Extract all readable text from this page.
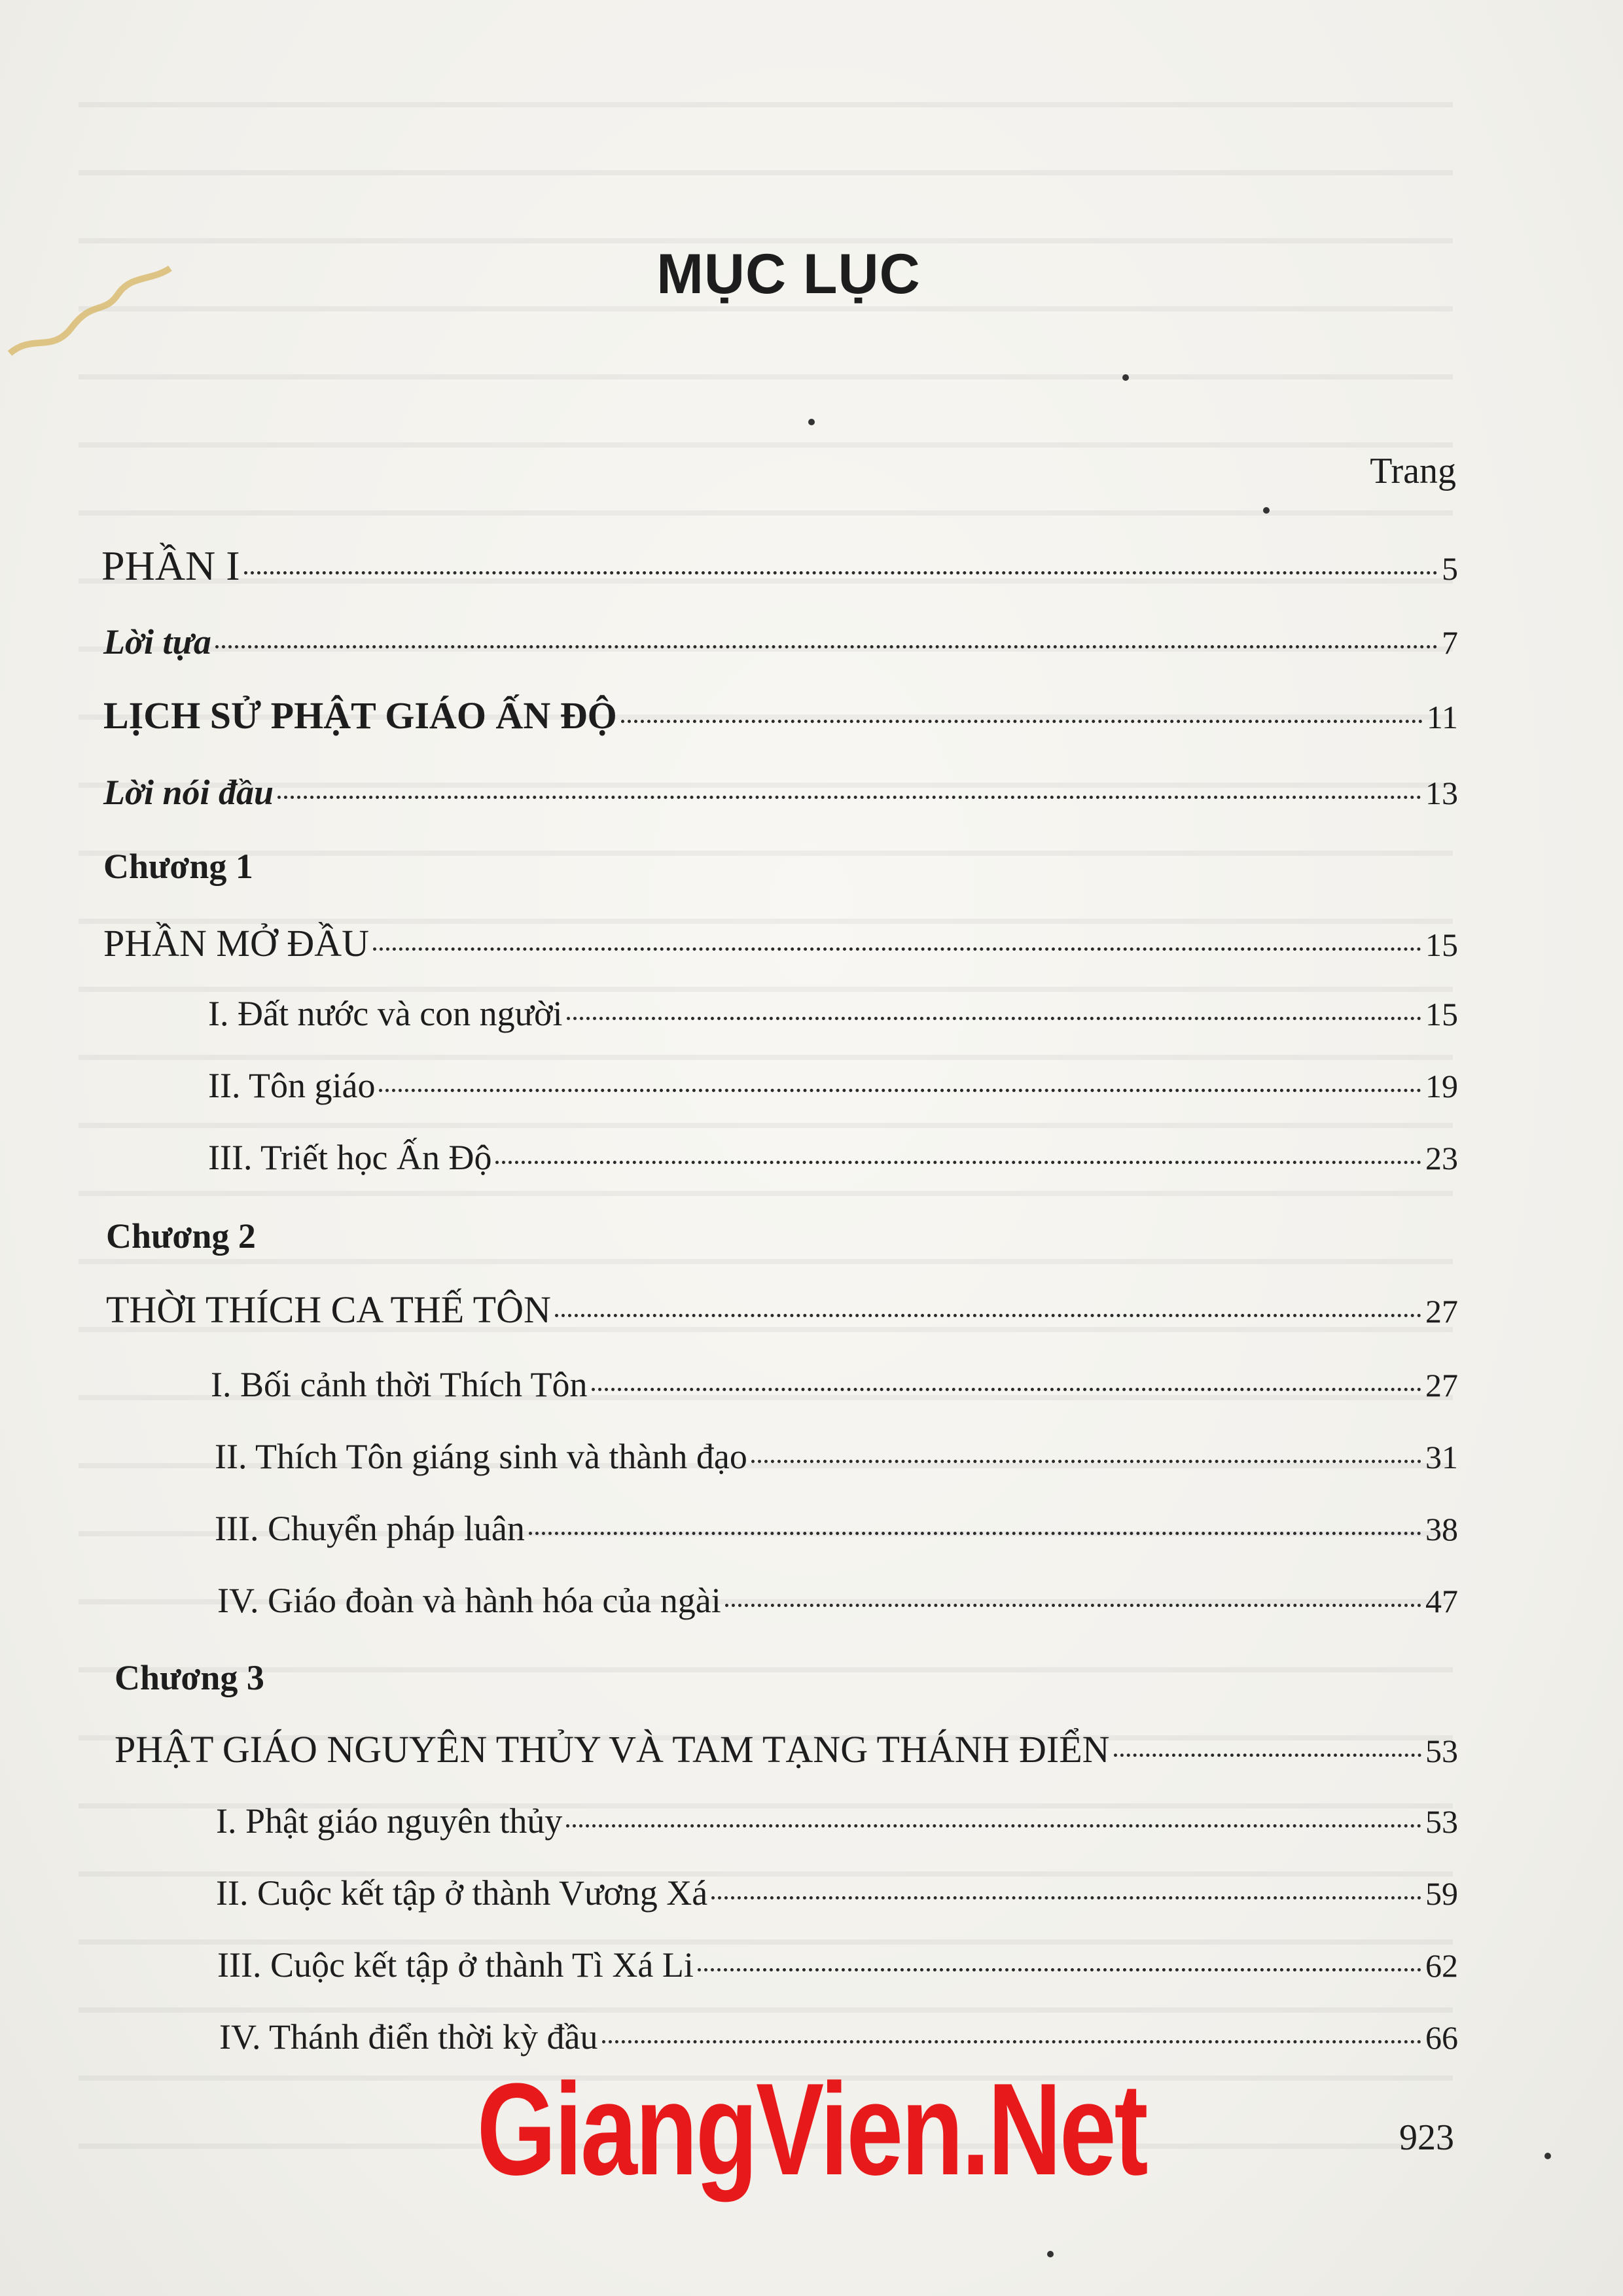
MỤC LỤC
Trang
PHẦN I	5
Lời tựa	7
LỊCH SỬ PHẬT GIÁO ẤN ĐỘ	11
Lời nói đầu	13
Chương 1
PHẦN MỞ ĐẦU	15
I. Đất nước và con người	15
II. Tôn giáo	19
III. Triết học Ấn Độ	23
Chương 2
THỜI THÍCH CA THẾ TÔN	27
I. Bối cảnh thời Thích Tôn	27
II. Thích Tôn giáng sinh và thành đạo	31
III. Chuyển pháp luân	38
IV. Giáo đoàn và hành hóa của ngài	47
Chương 3
PHẬT GIÁO NGUYÊN THỦY VÀ TAM TẠNG THÁNH ĐIỂN	53
I. Phật giáo nguyên thủy	53
II. Cuộc kết tập ở thành Vương Xá	59
III. Cuộc kết tập ở thành Tì Xá Li	62
IV. Thánh điển thời kỳ đầu	66
GiangVien.Net	923
